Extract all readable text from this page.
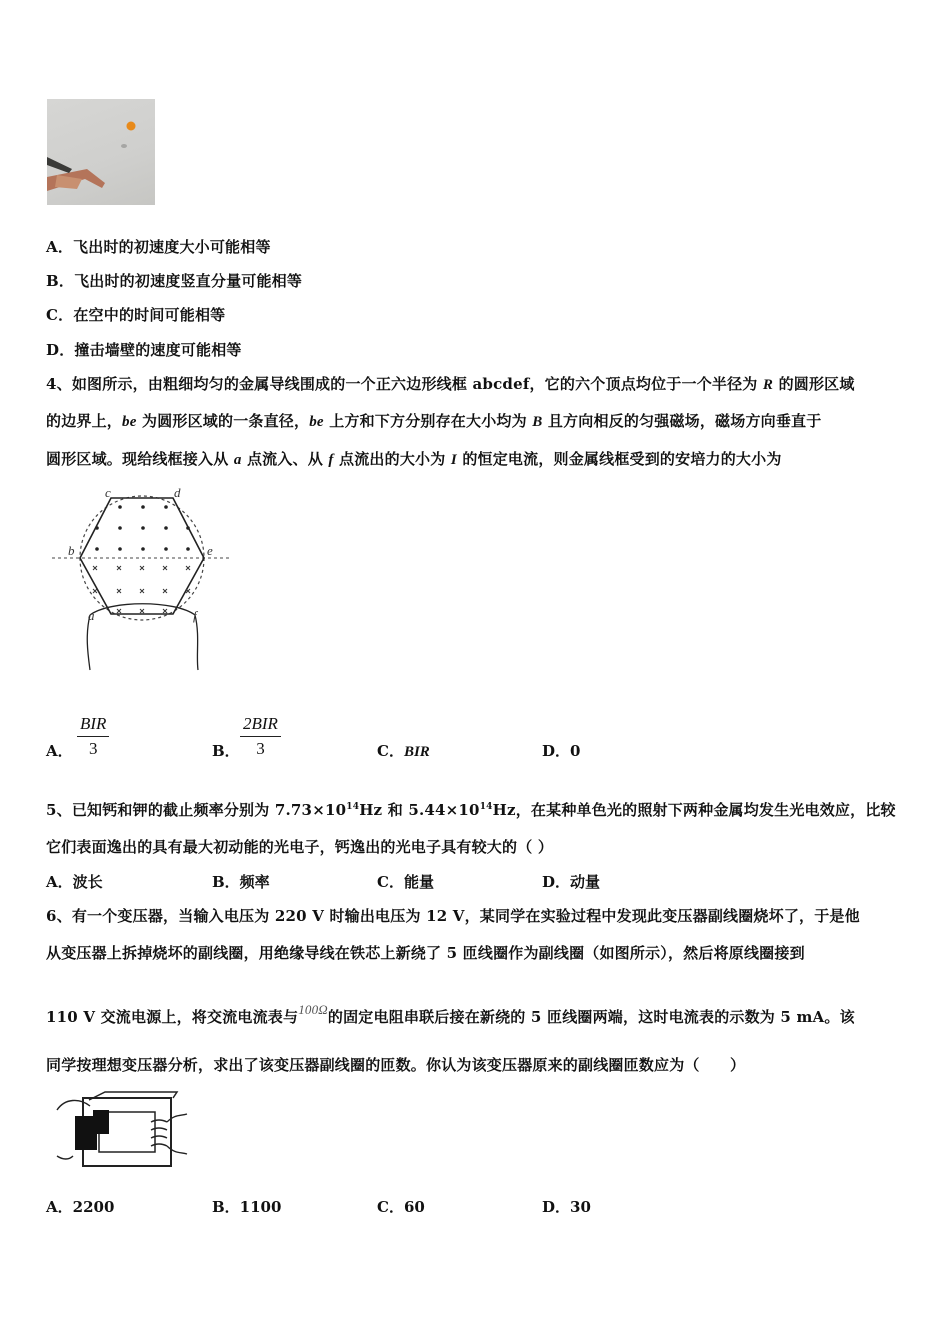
A．飞出时的初速度大小可能相等
B．飞出时的初速度竖直分量可能相等
C．在空中的时间可能相等
D．撞击墙壁的速度可能相等
4、如图所示，由粗细均匀的金属导线围成的一个正六边形线框 abcdef，它的六个顶点均位于一个半径为 R 的圆形区域
的边界上，be 为圆形区域的一条直径，be 上方和下方分别存在大小均为 B 且方向相反的匀强磁场，磁场方向垂直于
圆形区域。现给线框接入从 a 点流入、从 f 点流出的大小为 I 的恒定电流，则金属线框受到的安培力的大小为
c	d
b	e
a	f
A．
BIR
3	B．
2BIR
3	C．BIR	D．0
5、已知钙和钾的截止频率分别为 $7.73\times 10^{14}Hz$ 和 $5.44\times 10^{14}Hz$，在某种单色光的照射下两种金属均发生光电效应，比较
它们表面逸出的具有最大初动能的光电子，钙逸出的光电子具有较大的（ ）
A．波长	B．频率	C．能量	D．动量
6、有一个变压器，当输入电压为 220 V 时输出电压为 12 V，某同学在实验过程中发现此变压器副线圈烧坏了，于是他
从变压器上拆掉烧坏的副线圈，用绝缘导线在铁芯上新绕了 5 匝线圈作为副线圈（如图所示），然后将原线圈接到
110 V 交流电源上，将交流电流表与100Ω的固定电阻串联后接在新绕的 5 匝线圈两端，这时电流表的示数为 5 mA。该
同学按理想变压器分析，求出了该变压器副线圈的匝数。你认为该变压器原来的副线圈匝数应为（　　）
A．2200	B．1100	C．60	D．30
